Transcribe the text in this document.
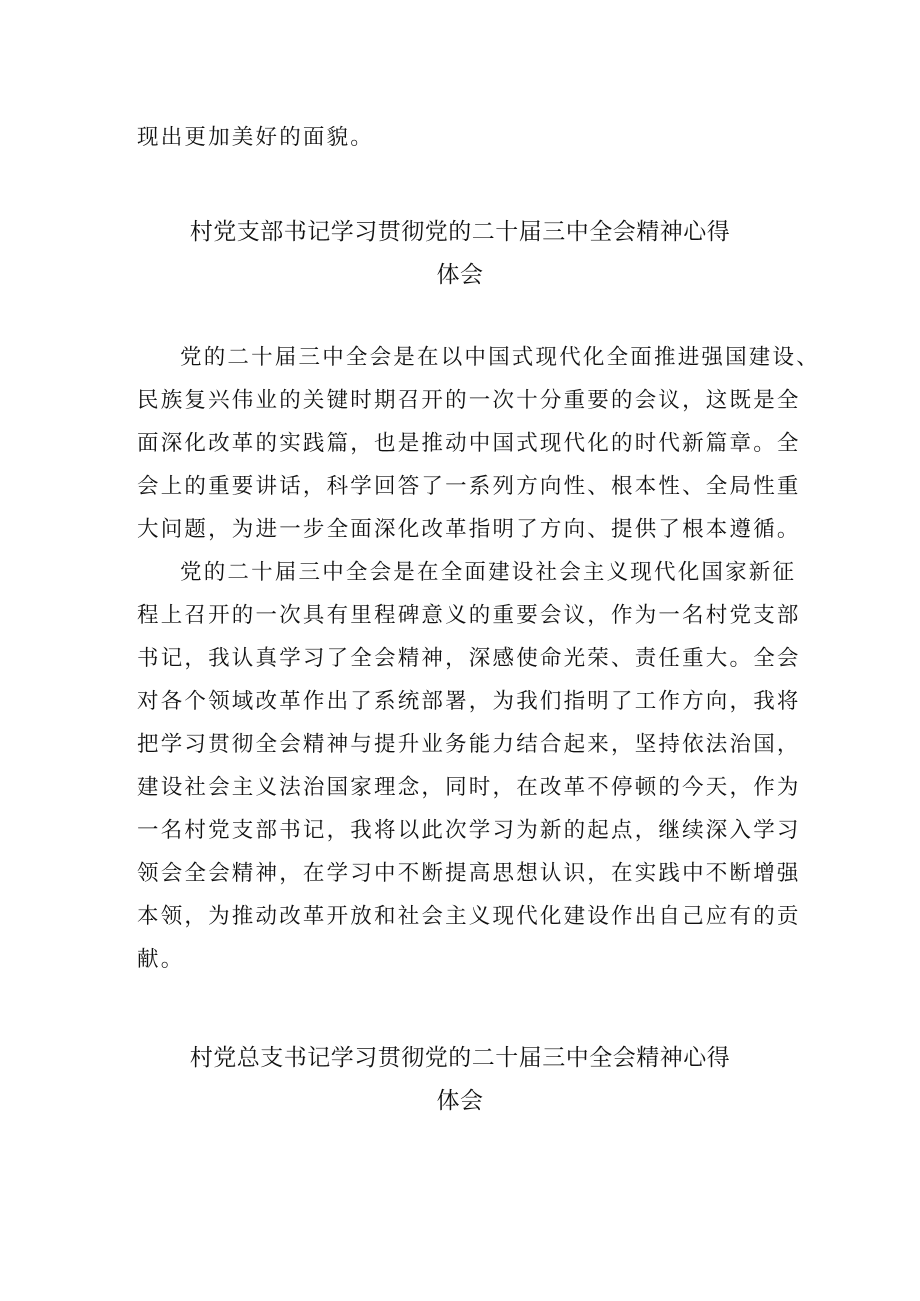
现出更加美好的面貌。
村党支部书记学习贯彻党的二十届三中全会精神心得
体会
党的二十届三中全会是在以中国式现代化全面推进强国建设、
民族复兴伟业的关键时期召开的一次十分重要的会议，这既是全
面深化改革的实践篇，也是推动中国式现代化的时代新篇章。全
会上的重要讲话，科学回答了一系列方向性、根本性、全局性重
大问题，为进一步全面深化改革指明了方向、提供了根本遵循。
党的二十届三中全会是在全面建设社会主义现代化国家新征
程上召开的一次具有里程碑意义的重要会议，作为一名村党支部
书记，我认真学习了全会精神，深感使命光荣、责任重大。全会
对各个领域改革作出了系统部署，为我们指明了工作方向，我将
把学习贯彻全会精神与提升业务能力结合起来，坚持依法治国，
建设社会主义法治国家理念，同时，在改革不停顿的今天，作为
一名村党支部书记，我将以此次学习为新的起点，继续深入学习
领会全会精神，在学习中不断提高思想认识，在实践中不断增强
本领，为推动改革开放和社会主义现代化建设作出自己应有的贡
献。
村党总支书记学习贯彻党的二十届三中全会精神心得
体会
